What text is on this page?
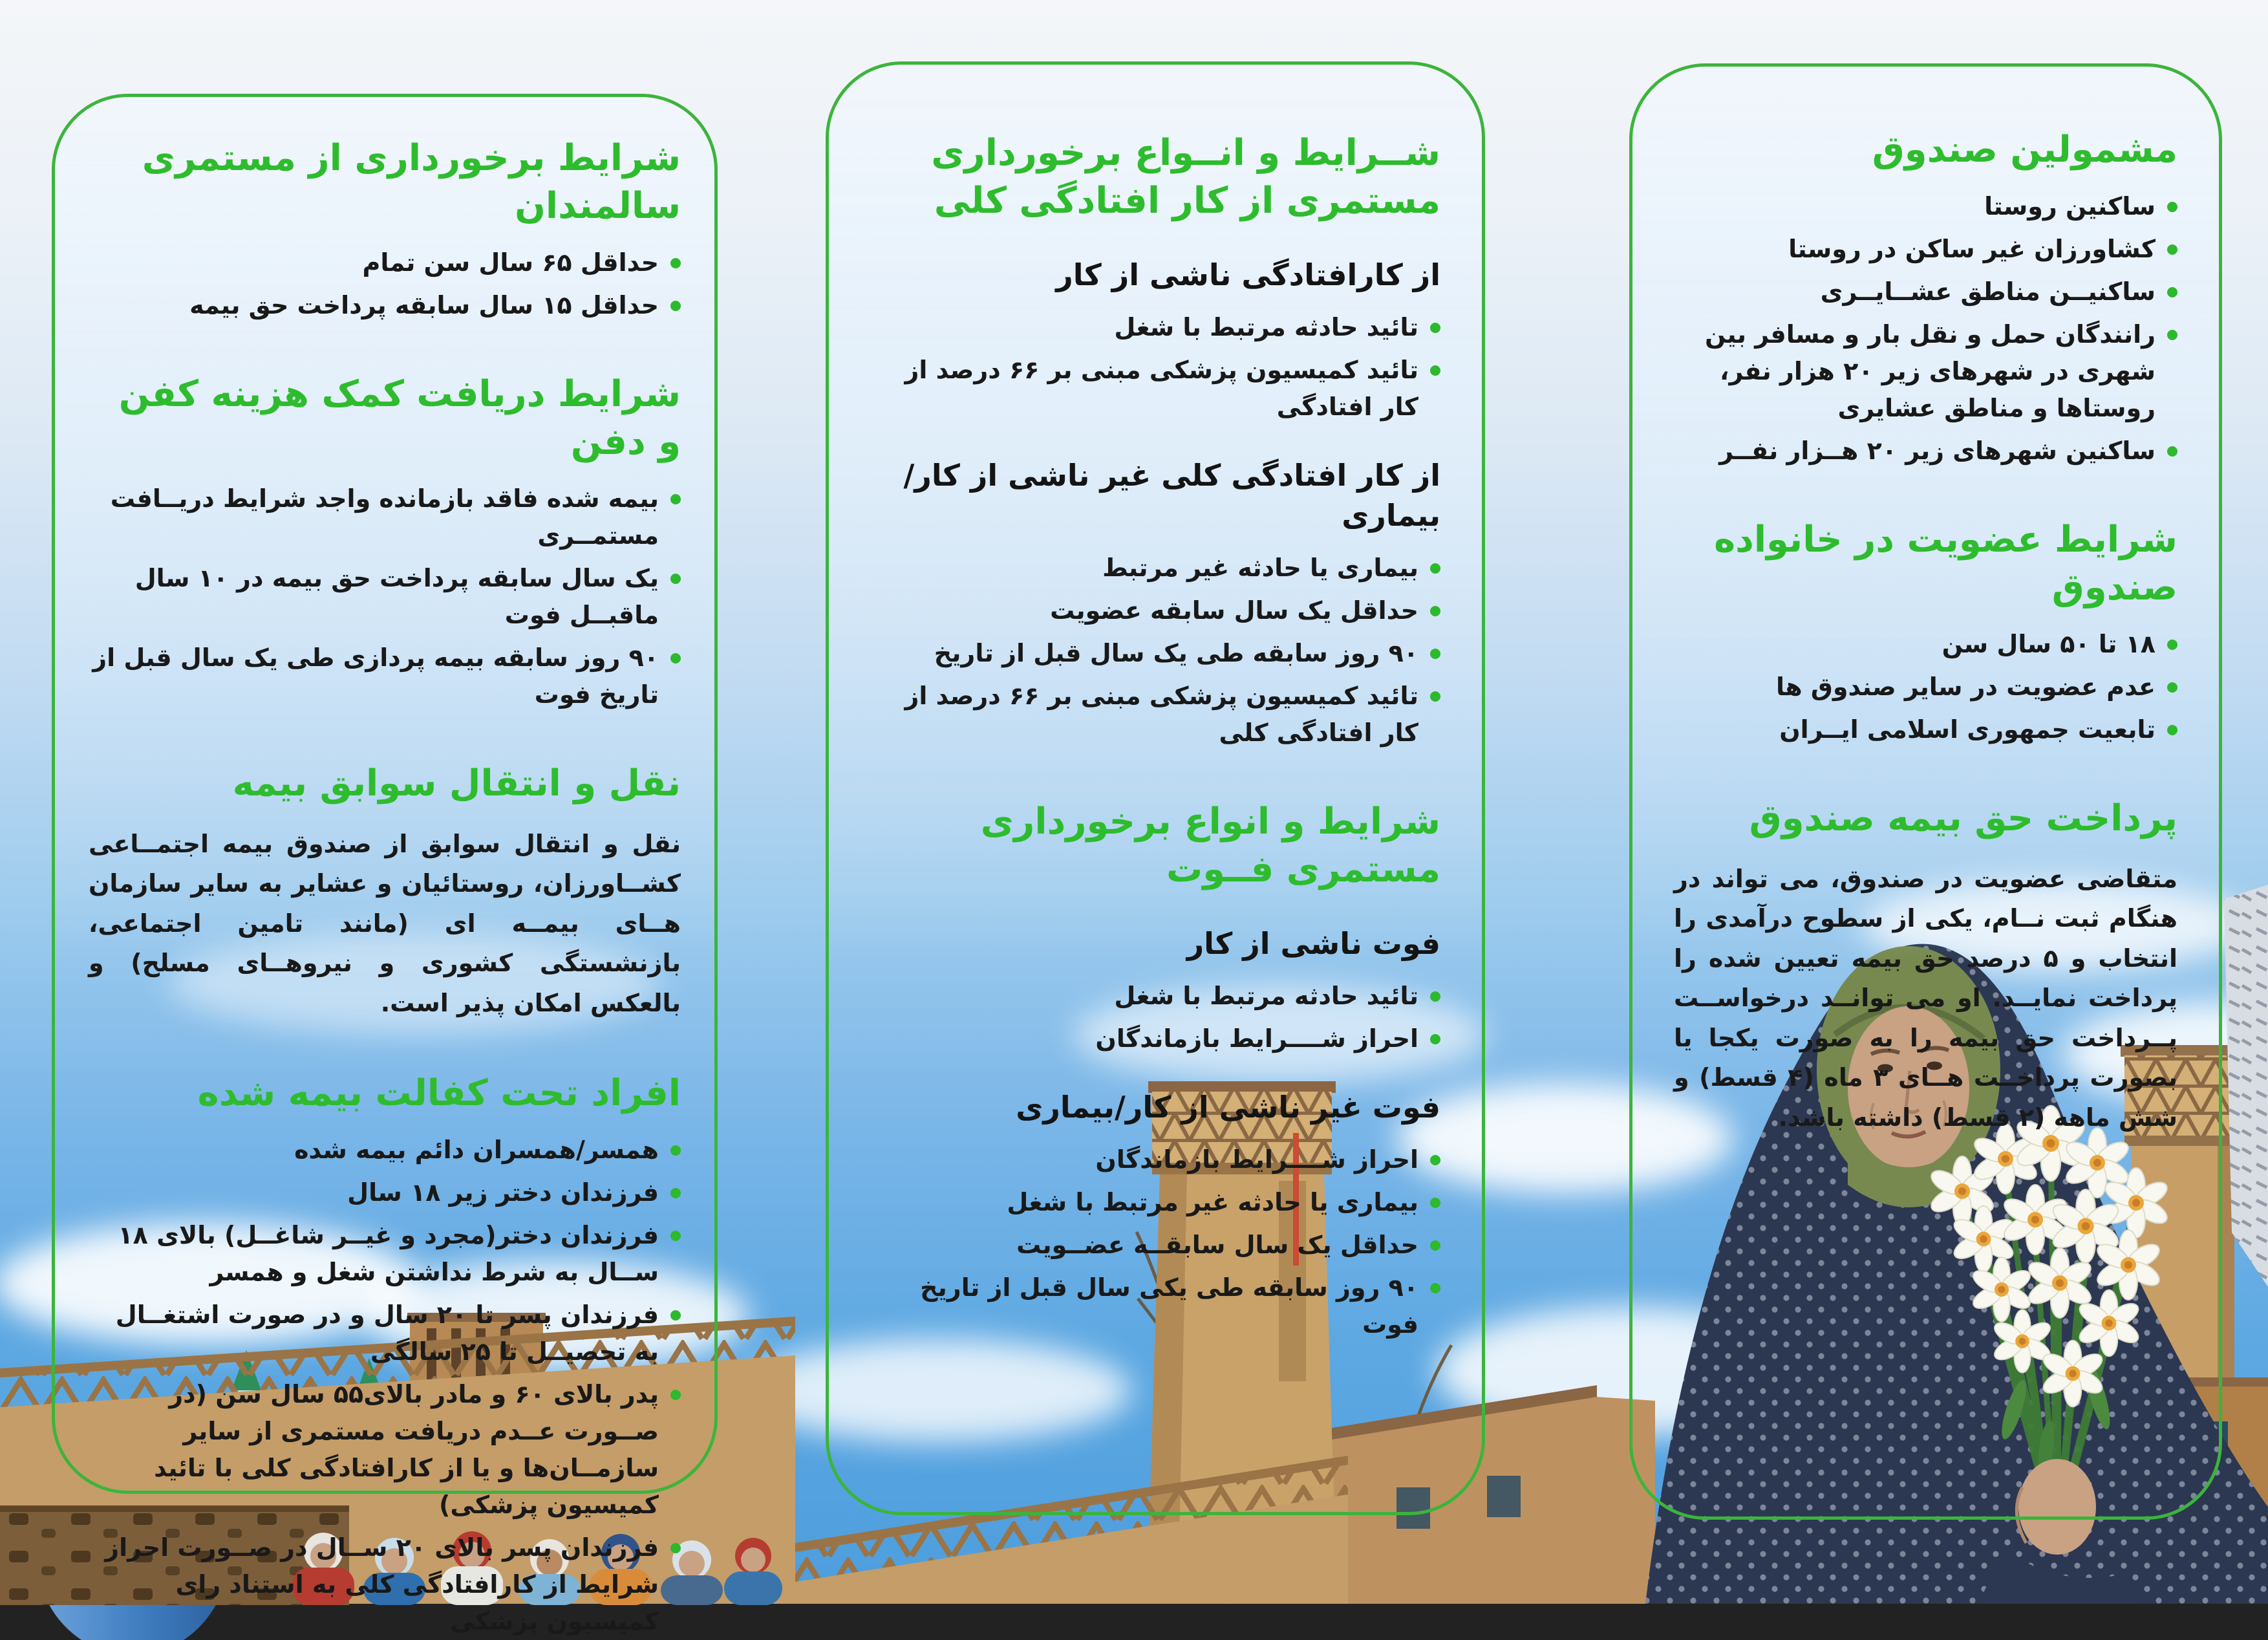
مشمولین صندوق
ساکنین روستا
کشاورزان غیر ساکن در روستا
ساکنیــن مناطق عشــایــری
رانندگان حمل و نقل بار و مسافر بین شهری در شهرهای زیر ۲۰ هزار نفر، روستاها و مناطق عشایری
ساکنین شهرهای زیر ۲۰ هــزار نفــر
شرایط عضویت در خانواده صندوق
۱۸ تا ۵۰ سال سن
عدم عضویت در سایر صندوق ها
تابعیت جمهوری اسلامی ایــران
پرداخت حق بیمه صندوق

متقاضی عضویت در صندوق، می تواند در هنگام ثبت نــام، یکی از سطوح درآمدی را انتخاب و ۵ درصد حق بیمه تعیین شده را پرداخت نمایــد. او می توانــد درخواســت پــرداخت حق بیمه را به صورت یکجا یا بصورت پرداخــت هــای ۳ ماه (۴ قسط) و شش ماهه (۲ قسط) داشته باشد.

شــرایط و انــواع برخورداری مستمری از کار افتادگی کلی
از کارافتادگی ناشی از کار
تائید حادثه مرتبط با شغل
تائید کمیسیون پزشکی مبنی بر ۶۶ درصد از کار افتادگی
از کار افتادگی کلی غیر ناشی از کار/بیماری
بیماری یا حادثه غیر مرتبط
حداقل یک سال سابقه عضویت
۹۰ روز سابقه طی یک سال قبل از تاریخ
تائید کمیسیون پزشکی مبنی بر ۶۶ درصد از کار افتادگی کلی
شرایط و انواع برخورداری مستمری فــوت
فوت ناشی از کار
تائید حادثه مرتبط با شغل
احراز شــــرایط بازماندگان
فوت غیر ناشی از کار/بیماری
احراز شــــرایط بازماندگان
بیماری یا حادثه غیر مرتبط با شغل
حداقل یک سال سابقــه عضــویت
۹۰ روز سابقه طی یکی سال قبل از تاریخ فوت
شرایط برخورداری از مستمری سالمندان
حداقل ۶۵ سال سن تمام
حداقل ۱۵ سال سابقه پرداخت حق بیمه
شرایط دریافت کمک هزینه کفن و دفن
بیمه شده فاقد بازمانده واجد شرایط دریــافت مستمــری
یک سال سابقه پرداخت حق بیمه در ۱۰ سال ماقبــل فوت
۹۰ روز سابقه بیمه پردازی طی یک سال قبل از تاریخ فوت
نقل و انتقال سوابق بیمه

نقل و انتقال سوابق از صندوق بیمه اجتمــاعی کشــاورزان، روستائیان و عشایر به سایر سازمان هــای بیمــه ای (مانند تامین اجتماعی، بازنشستگی کشوری و نیروهــای مسلح) و بالعکس امکان پذیر است.

افراد تحت کفالت بیمه شده
همسر/همسران دائم بیمه شده
فرزندان دختر زیر ۱۸ سال
فرزندان دختر(مجرد و غیــر شاغــل) بالای ۱۸ ســال به شرط نداشتن شغل و همسر
فرزندان پسر تا ۲۰ سال و در صورت اشتغــال به تحصیــل تا ۲۵ سالگی
پدر بالای ۶۰ و مادر بالای۵۵ سال سن (در صــورت عــدم دریافت مستمری از سایر سازمــان‌ها و یا از کارافتادگی کلی با تائید کمیسیون پزشکی)
فرزندان پسر بالای ۲۰ ســال در صــورت احراز شرایط از کارافتادگی کلی به استناد رای کمیسیون پزشکی
